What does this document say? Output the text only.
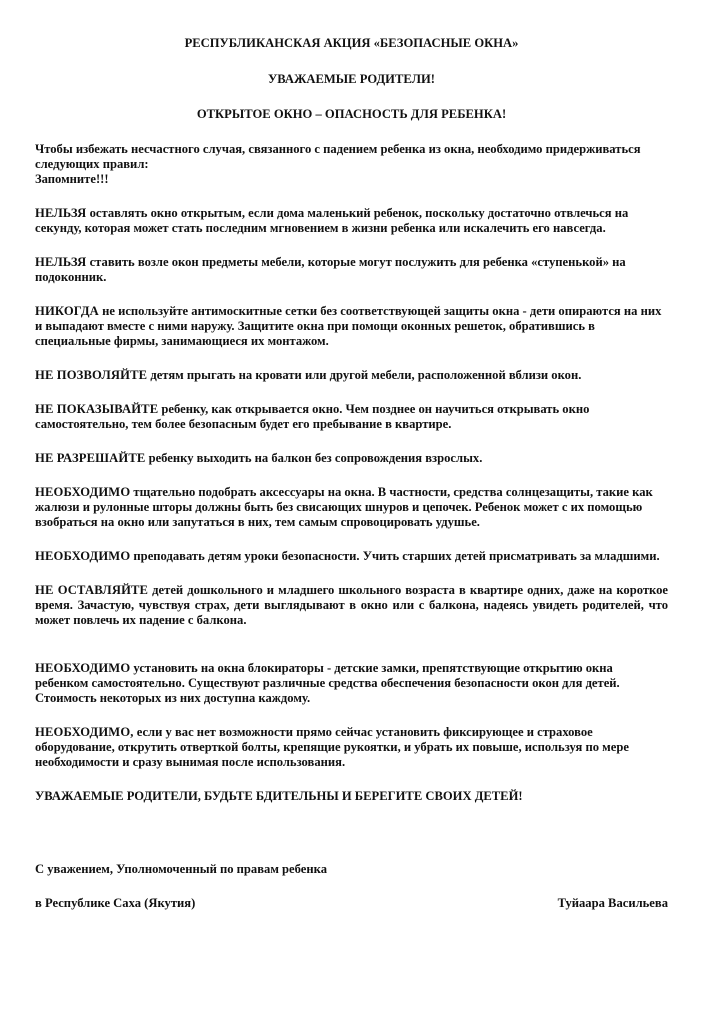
РЕСПУБЛИКАНСКАЯ АКЦИЯ «БЕЗОПАСНЫЕ ОКНА»

УВАЖАЕМЫЕ РОДИТЕЛИ!

ОТКРЫТОЕ ОКНО – ОПАСНОСТЬ ДЛЯ РЕБЕНКА!

Чтобы избежать несчастного случая, связанного с падением ребенка из окна, необходимо придерживаться следующих правил:

Запомните!!!

НЕЛЬЗЯ оставлять окно открытым, если дома маленький ребенок, поскольку достаточно отвлечься на секунду, которая может стать последним мгновением в жизни ребенка или искалечить его навсегда.

НЕЛЬЗЯ ставить возле окон предметы мебели, которые могут послужить для ребенка «ступенькой» на подоконник.

НИКОГДА не используйте антимоскитные сетки без соответствующей защиты окна - дети опираются на них и выпадают вместе с ними наружу. Защитите окна при помощи оконных решеток, обратившись в специальные фирмы, занимающиеся их монтажом.

НЕ ПОЗВОЛЯЙТЕ детям прыгать на кровати или другой мебели, расположенной вблизи окон.

НЕ ПОКАЗЫВАЙТЕ ребенку, как открывается окно. Чем позднее он научиться открывать окно самостоятельно, тем более безопасным будет его пребывание в квартире.

НЕ РАЗРЕШАЙТЕ ребенку выходить на балкон без сопровождения взрослых.

НЕОБХОДИМО тщательно подобрать аксессуары на окна. В частности, средства солнцезащиты, такие как жалюзи и рулонные шторы должны быть без свисающих шнуров и цепочек. Ребенок может с их помощью взобраться на окно или запутаться в них, тем самым спровоцировать удушье.

НЕОБХОДИМО преподавать детям уроки безопасности. Учить старших детей присматривать за младшими.

НЕ ОСТАВЛЯЙТЕ детей дошкольного и младшего школьного возраста в квартире одних, даже на короткое время. Зачастую, чувствуя страх, дети выглядывают в окно или с балкона, надеясь увидеть родителей, что может повлечь их падение с балкона.

НЕОБХОДИМО установить на окна блокираторы - детские замки, препятствующие открытию окна ребенком самостоятельно. Существуют различные средства обеспечения безопасности окон для детей. Стоимость некоторых из них доступна каждому.

НЕОБХОДИМО, если у вас нет возможности прямо сейчас установить фиксирующее и страховое оборудование, открутить отверткой болты, крепящие рукоятки, и убрать их повыше, используя по мере необходимости и сразу вынимая после использования.

УВАЖАЕМЫЕ РОДИТЕЛИ, БУДЬТЕ БДИТЕЛЬНЫ И БЕРЕГИТЕ СВОИХ ДЕТЕЙ!

С уважением, Уполномоченный по правам ребенка

в Республике Саха (Якутия)	Туйаара Васильева
